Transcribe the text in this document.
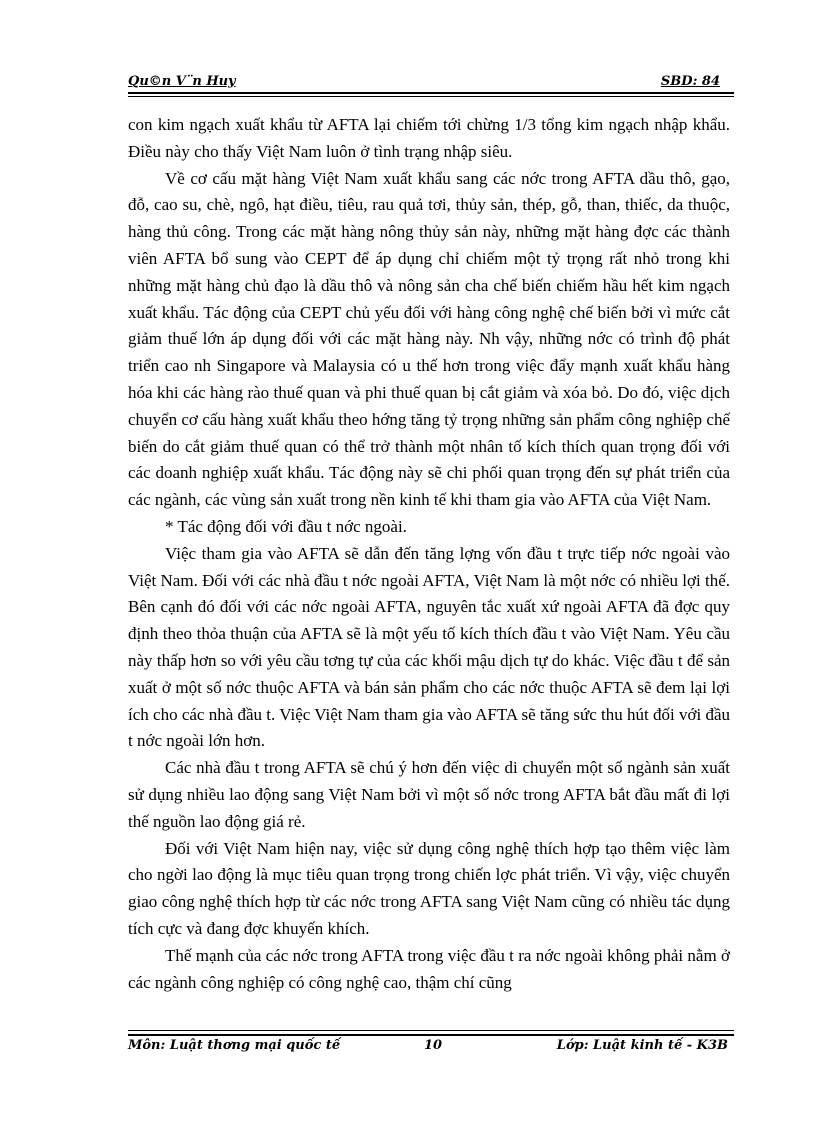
Qu©n V¨n Huy	SBD: 84

con kim ngạch xuất khẩu từ AFTA lại chiếm tới chừng 1/3 tổng kim ngạch nhập khẩu. Điều này cho thấy Việt Nam luôn ở tình trạng nhập siêu.

Về cơ cấu mặt hàng Việt Nam xuất khẩu sang các nớc trong AFTA dầu thô, gạo, đỗ, cao su, chè, ngô, hạt điều, tiêu, rau quả tơi, thủy sản, thép, gỗ, than, thiếc, da thuộc, hàng thủ công. Trong các mặt hàng nông thủy sản này, những mặt hàng đợc các thành viên AFTA bổ sung vào CEPT để áp dụng chỉ chiếm một tỷ trọng rất nhỏ trong khi những mặt hàng chủ đạo là dầu thô và nông sản cha chế biến chiếm hầu hết kim ngạch xuất khẩu. Tác động của CEPT chủ yếu đối với hàng công nghệ chế biến bởi vì mức cắt giảm thuế lớn áp dụng đối với các mặt hàng này. Nh vậy, những nớc có trình độ phát triển cao nh Singapore và Malaysia có u thế hơn trong việc đẩy mạnh xuất khẩu hàng hóa khi các hàng rào thuế quan và phi thuế quan bị cắt giảm và xóa bỏ. Do đó, việc dịch chuyển cơ cấu hàng xuất khẩu theo hớng tăng tỷ trọng những sản phẩm công nghiệp chế biến do cắt giảm thuế quan có thể trở thành một nhân tố kích thích quan trọng đối với các doanh nghiệp xuất khẩu. Tác động này sẽ chi phối quan trọng đến sự phát triển của các ngành, các vùng sản xuất trong nền kinh tế khi tham gia vào AFTA của Việt Nam.

* Tác động đối với đầu t nớc ngoài.

Việc tham gia vào AFTA sẽ dẫn đến tăng lợng vốn đầu t trực tiếp nớc ngoài vào Việt Nam. Đối với các nhà đầu t nớc ngoài AFTA, Việt Nam là một nớc có nhiều lợi thế. Bên cạnh đó đối với các nớc ngoài AFTA, nguyên tắc xuất xứ ngoài AFTA đã đợc quy định theo thỏa thuận của AFTA sẽ là một yếu tố kích thích đầu t vào Việt Nam. Yêu cầu này thấp hơn so với yêu cầu tơng tự của các khối mậu dịch tự do khác. Việc đầu t để sản xuất ở một số nớc thuộc AFTA và bán sản phẩm cho các nớc thuộc AFTA sẽ đem lại lợi ích cho các nhà đầu t. Việc Việt Nam tham gia vào AFTA sẽ tăng sức thu hút đối với đầu t nớc ngoài lớn hơn.

Các nhà đầu t trong AFTA sẽ chú ý hơn đến việc di chuyển một số ngành sản xuất sử dụng nhiều lao động sang Việt Nam bởi vì một số nớc trong AFTA bắt đầu mất đi lợi thế nguồn lao động giá rẻ.

Đối với Việt Nam hiện nay, việc sử dụng công nghệ thích hợp tạo thêm việc làm cho ngời lao động là mục tiêu quan trọng trong chiến lợc phát triển. Vì vậy, việc chuyển giao công nghệ thích hợp từ các nớc trong AFTA sang Việt Nam cũng có nhiều tác dụng tích cực và đang đợc khuyến khích.

Thế mạnh của các nớc trong AFTA trong việc đầu t ra nớc ngoài không phải nằm ở các ngành công nghiệp có công nghệ cao, thậm chí cũng

Môn: Luật thơng mại quốc tế	10	Lớp: Luật kinh tế - K3B
